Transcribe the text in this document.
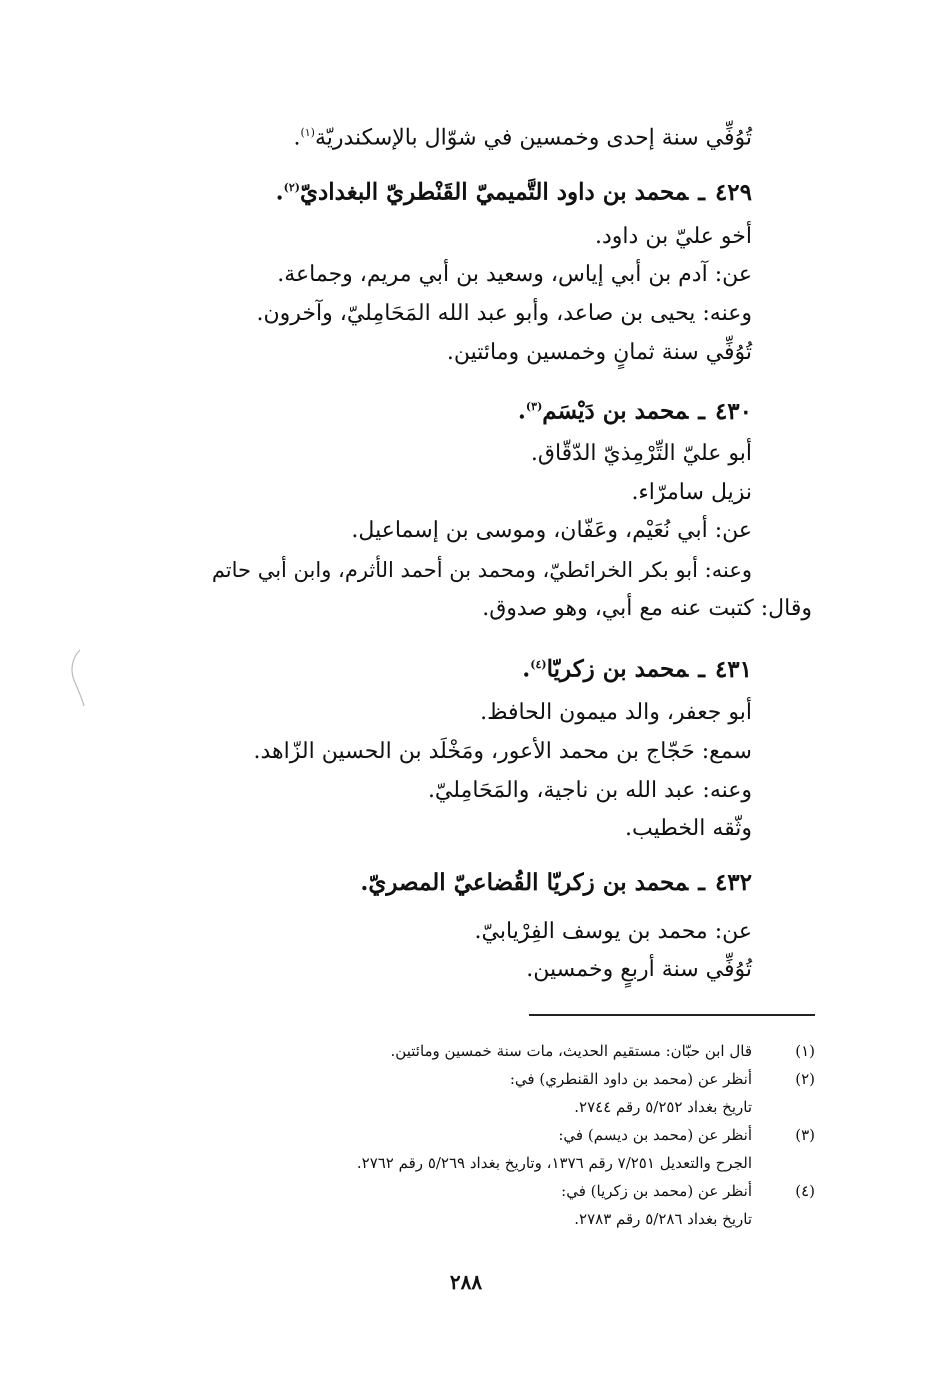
تُوُفِّي سنة إحدى وخمسين في شوّال بالإسكندريّة$^{(١)}$.
٤٢٩ـمحمد بن داود التَّميميّ القَنْطريّ البغداديّ$^{(٢)}$.
أخو عليّ بن داود.
عن: آدم بن أبي إياس، وسعيد بن أبي مريم، وجماعة.
وعنه: يحيى بن صاعد، وأبو عبد الله المَحَامِليّ، وآخرون.
تُوُفِّي سنة ثمانٍ وخمسين ومائتين.
٤٣٠ـمحمد بن دَيْسَم$^{(٣)}$.
أبو عليّ التِّرْمِذيّ الدّقّاق.
نزيل سامرّاء.
عن: أبي نُعَيْم، وعَفّان، وموسى بن إسماعيل.
وعنه: أبو بكر الخرائطيّ، ومحمد بن أحمد الأثرم، وابن أبي حاتم
وقال: كتبت عنه مع أبي، وهو صدوق.
٤٣١ـمحمد بن زكريّا$^{(٤)}$.
أبو جعفر، والد ميمون الحافظ.
سمع: حَجّاج بن محمد الأعور، ومَخْلَد بن الحسين الزّاهد.
وعنه: عبد الله بن ناجية، والمَحَامِليّ.
وثّقه الخطيب.
٤٣٢ـمحمد بن زكريّا القُضاعيّ المصريّ.
عن: محمد بن يوسف الفِرْيابيّ.
تُوُفِّي سنة أربعٍ وخمسين.
(١)
قال ابن حبّان: مستقيم الحديث، مات سنة خمسين ومائتين.
(٢)
أنظر عن (محمد بن داود القنطري) في:
تاريخ بغداد ٥/٢٥٢ رقم ٢٧٤٤.
(٣)
أنظر عن (محمد بن ديسم) في:
الجرح والتعديل ٧/٢٥١ رقم ١٣٧٦، وتاريخ بغداد ٥/٢٦٩ رقم ٢٧٦٢.
(٤)
أنظر عن (محمد بن زكريا) في:
تاريخ بغداد ٥/٢٨٦ رقم ٢٧٨٣.
٢٨٨
